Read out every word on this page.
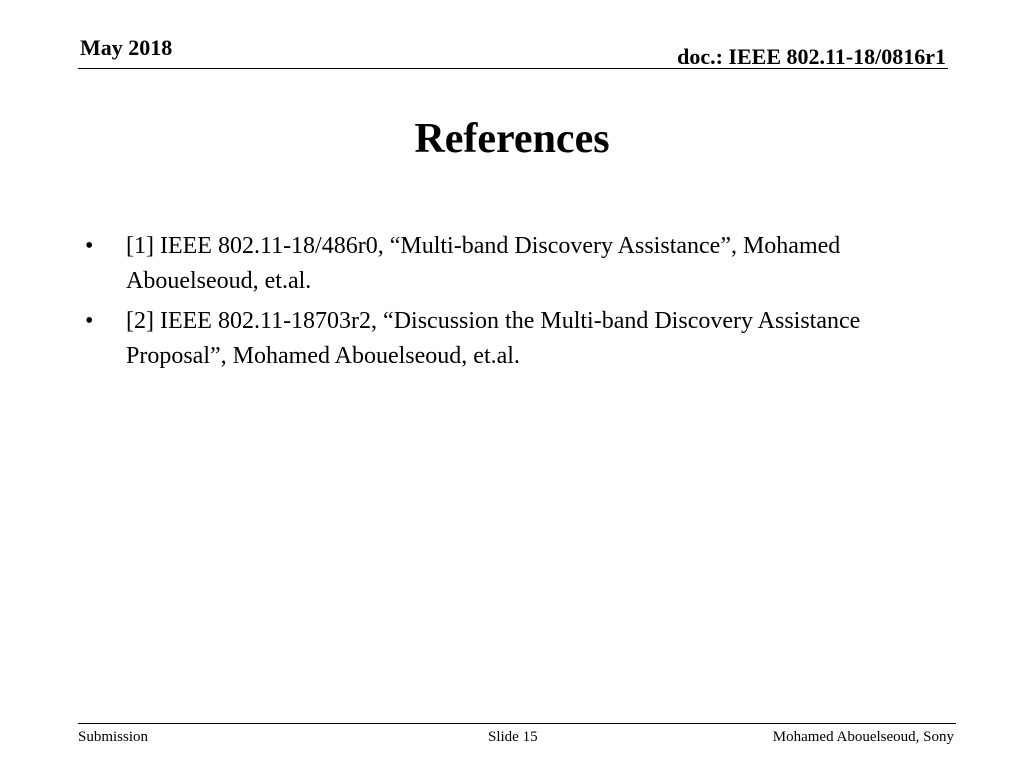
May 2018	doc.: IEEE 802.11-18/0816r1
References
• [1] IEEE 802.11-18/486r0, “Multi-band Discovery Assistance”, Mohamed Abouelseoud, et.al.
• [2] IEEE 802.11-18703r2, “Discussion the Multi-band Discovery Assistance Proposal”, Mohamed Abouelseoud, et.al.
Submission	Slide 15	Mohamed Abouelseoud, Sony
